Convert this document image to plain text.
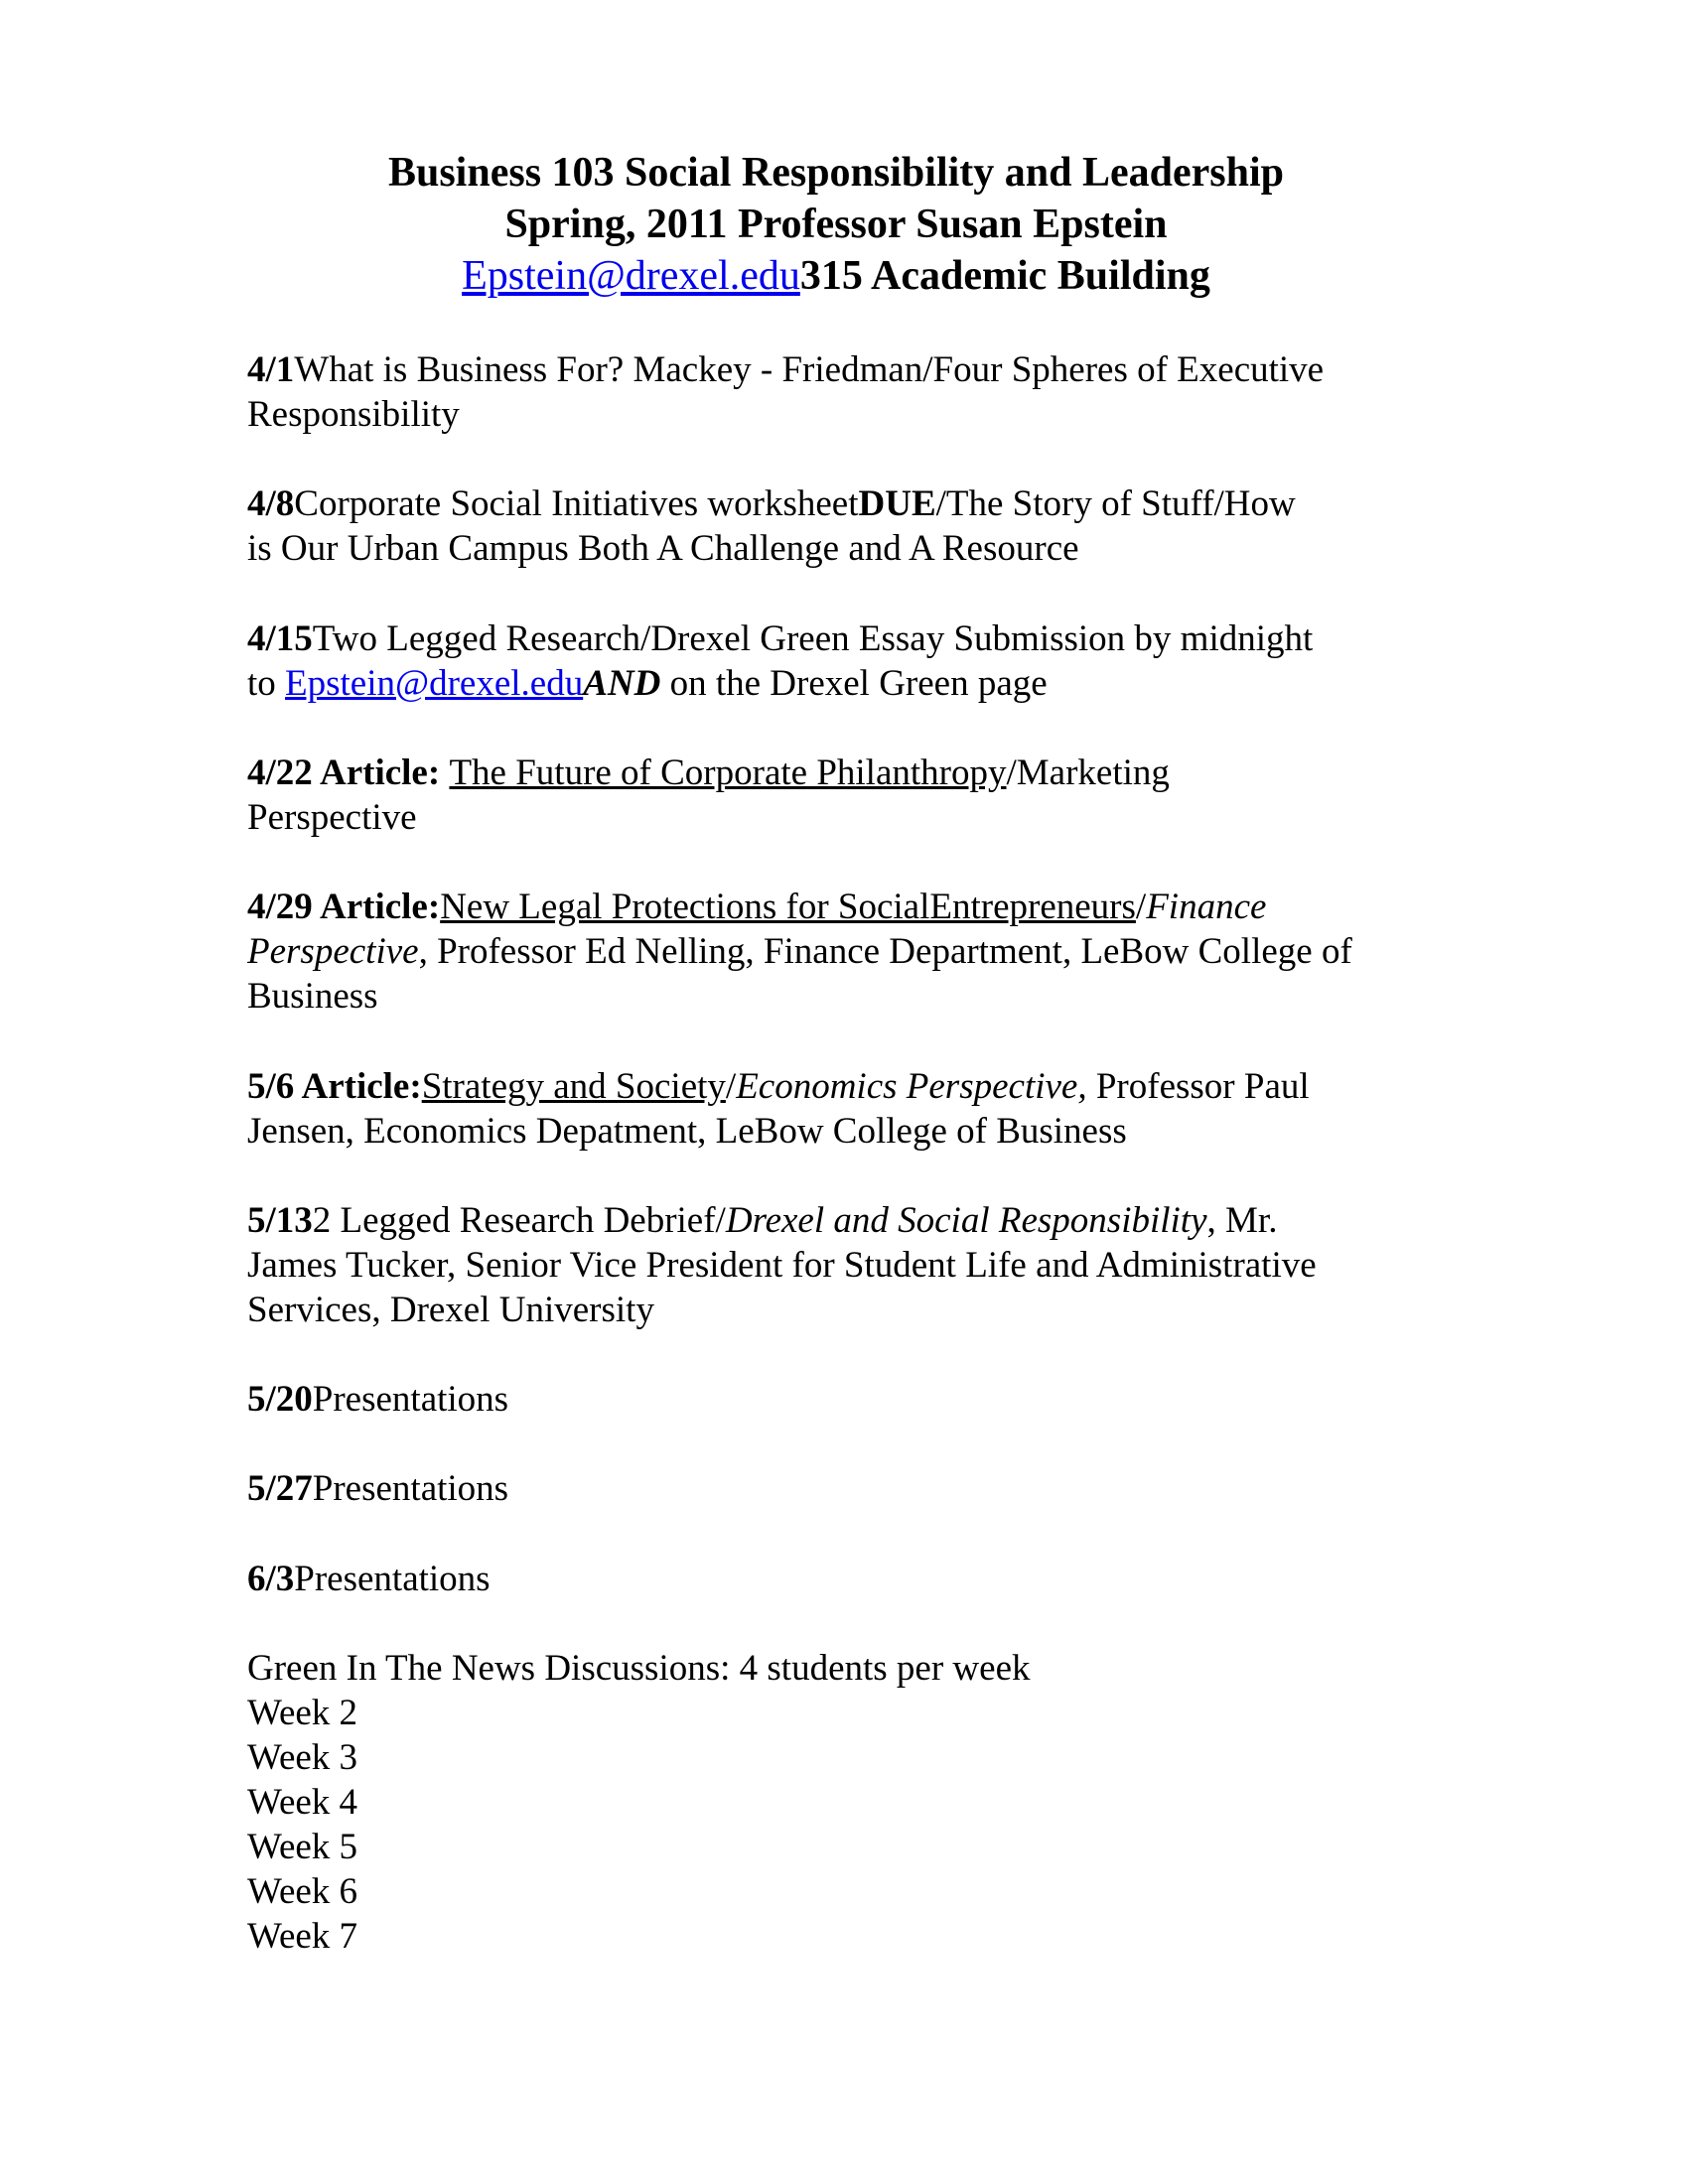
Business 103 Social Responsibility and Leadership
Spring, 2011 Professor Susan Epstein
Epstein@drexel.edu315 Academic Building
4/1What is Business For? Mackey - Friedman/Four Spheres of Executive
Responsibility
4/8Corporate Social Initiatives worksheetDUE/The Story of Stuff/How
is Our Urban Campus Both A Challenge and A Resource
4/15Two Legged Research/Drexel Green Essay Submission by midnight
to Epstein@drexel.eduAND on the Drexel Green page
4/22 Article: The Future of Corporate Philanthropy/Marketing
Perspective
4/29 Article:New Legal Protections for SocialEntrepreneurs/Finance
Perspective, Professor Ed Nelling, Finance Department, LeBow College of
Business
5/6 Article:Strategy and Society/Economics Perspective, Professor Paul
Jensen, Economics Depatment, LeBow College of Business
5/132 Legged Research Debrief/Drexel and Social Responsibility, Mr.
James Tucker, Senior Vice President for Student Life and Administrative
Services, Drexel University
5/20Presentations
5/27Presentations
6/3Presentations
Green In The News Discussions: 4 students per week
Week 2
Week 3
Week 4
Week 5
Week 6
Week 7
